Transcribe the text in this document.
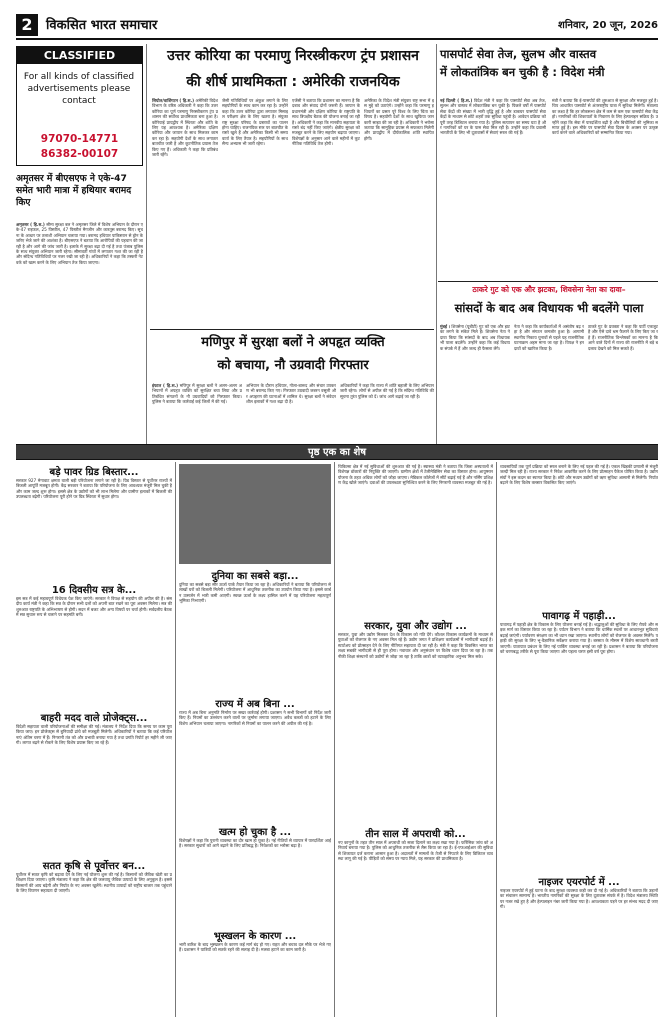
2	विकसित भारत समाचार	शनिवार, 20 जून, 2026
CLASSIFIED
For all kinds of classified advertisements please contact
97070-14771
86382-00107
अमृतसर में बीएसएफ ने एके-47 समेत भारी मात्रा में हथियार बरामद किए
अमृतसर ( हि.स.) सीमा सुरक्षा बल ने अमृतसर जिले में विशेष अभियान के दौरान एके-47 राइफल, 25 पिस्तौल, 47 पिस्तौल मैगजीन और कारतूस बरामद किए। सूचना के आधार पर तलाशी अभियान चलाया गया। बरामद हथियार पाकिस्तान से ड्रोन के जरिए भेजे जाने की आशंका है। बीएसएफ ने बताया कि आरोपियों की पहचान की जा रही है और आगे की जांच जारी है। इलाके में सुरक्षा बढ़ा दी गई है तथा पंजाब पुलिस के साथ संयुक्त अभियान जारी रहेगा। सीमावर्ती गांवों में लगातार गश्त की जा रही है और संदिग्ध गतिविधियों पर नजर रखी जा रही है। अधिकारियों ने कहा कि तस्करी नेटवर्क को खत्म करने के लिए अभियान तेज किया जाएगा।
उत्तर कोरिया का परमाणु निरस्त्रीकरण ट्रंप प्रशासन
की शीर्ष प्राथमिकता : अमेरिकी राजनयिक
सियोल/वाशिंगटन ( हि.स.) अमेरिकी विदेश विभाग के वरिष्ठ अधिकारी ने कहा कि उत्तर कोरिया का पूर्ण परमाणु निरस्त्रीकरण ट्रंप प्रशासन की सर्वोच्च प्राथमिकता बना हुआ है। कोरियाई प्रायद्वीप में स्थिरता और शांति के लिए यह आवश्यक है। अमेरिका दक्षिण कोरिया और जापान के साथ मिलकर काम कर रहा है। सहयोगी देशों के साथ लगातार बातचीत जारी है और कूटनीतिक प्रयास तेज किए गए हैं। अधिकारी ने कहा कि प्रतिबंध जारी रहेंगे।
जैसी गतिविधियों पर अंकुश लगाने के लिए सहयोगियों के साथ काम कर रहा है। उन्होंने कहा कि उत्तर कोरिया द्वारा लगातार मिसाइल परीक्षण क्षेत्र के लिए खतरा है। संयुक्त राष्ट्र सुरक्षा परिषद के प्रस्तावों का पालन होना चाहिए। राजनयिक स्तर पर बातचीत के रास्ते खुले हैं और अमेरिका किसी भी समय वार्ता के लिए तैयार है। सहयोगियों के साथ सैन्य अभ्यास भी जारी रहेगा।
एजेंसी ने बताया कि प्रशासन का मानना है कि दबाव और संवाद दोनों जरूरी हैं। जापान के प्रधानमंत्री और दक्षिण कोरिया के राष्ट्रपति के साथ त्रिपक्षीय बैठक की योजना बनाई जा रही है। अधिकारी ने कहा कि मानवीय सहायता के रास्ते बंद नहीं किए जाएंगे। क्षेत्रीय सुरक्षा को मजबूत करने के लिए सहयोग बढ़ाया जाएगा। विशेषज्ञों के अनुसार आने वाले महीनों में कूटनीतिक गतिविधि तेज होगी।
अमेरिका के विदेश मंत्री संयुक्त राष्ट्र सभा में इस मुद्दे को उठाएंगे। उन्होंने कहा कि परमाणु हथियारों का प्रसार पूरे विश्व के लिए चिंता का विषय है। सहयोगी देशों के साथ खुफिया जानकारी साझा की जा रही है। अधिकारी ने भरोसा जताया कि सामूहिक प्रयास से सफलता मिलेगी और प्रायद्वीप में दीर्घकालिक शांति स्थापित होगी।
पासपोर्ट सेवा तेज, सुलभ और वास्तव
में लोकतांत्रिक बन चुकी है : विदेश मंत्री
नई दिल्ली ( हि.स.) विदेश मंत्री ने कहा कि पासपोर्ट सेवा अब तेज, सुलभ और वास्तव में लोकतांत्रिक बन चुकी है। पिछले वर्षों में पासपोर्ट सेवा केंद्रों की संख्या में भारी वृद्धि हुई है और डाकघर पासपोर्ट सेवा केंद्रों के माध्यम से छोटे शहरों तक सुविधा पहुंची है। आवेदन प्रक्रिया को पूरी तरह डिजिटल बनाया गया है। पुलिस सत्यापन का समय घटा है और नागरिकों को घर के पास सेवा मिल रही है। उन्होंने कहा कि प्रवासी भारतीयों के लिए भी दूतावासों में सेवाएं सरल की गई हैं।
मंत्री ने बताया कि ई-पासपोर्ट की शुरुआत से सुरक्षा और मजबूत हुई है। चिप आधारित पासपोर्ट से अंतरराष्ट्रीय यात्रा में सुविधा मिलेगी। मंत्रालय का लक्ष्य है कि हर लोकसभा क्षेत्र में कम से कम एक पासपोर्ट सेवा केंद्र हो। नागरिकों की शिकायतों के निवारण के लिए हेल्पलाइन सक्रिय है। उन्होंने कहा कि सेवा में पारदर्शिता बढ़ी है और बिचौलियों की भूमिका समाप्त हुई है। इस मौके पर पासपोर्ट सेवा दिवस के अवसर पर उत्कृष्ट कार्य करने वाले अधिकारियों को सम्मानित किया गया।
मणिपुर में सुरक्षा बलों ने अपहृत व्यक्ति
को बचाया, नौ उग्रवादी गिरफ्तार
इंफाल ( हि.स.) मणिपुर में सुरक्षा बलों ने अलग-अलग अभियानों में अपहृत व्यक्ति को सुरक्षित बचा लिया और प्रतिबंधित संगठनों के नौ उग्रवादियों को गिरफ्तार किया। पुलिस ने बताया कि कार्रवाई कई जिलों में की गई।
अभियान के दौरान हथियार, गोला-बारूद और संचार उपकरण भी बरामद किए गए। गिरफ्तार उग्रवादी जबरन वसूली और अपहरण की घटनाओं में शामिल थे। सुरक्षा बलों ने संवेदनशील इलाकों में गश्त बढ़ा दी है।
अधिकारियों ने कहा कि राज्य में शांति बहाली के लिए अभियान जारी रहेगा। लोगों से अपील की गई है कि संदिग्ध गतिविधि की सूचना तुरंत पुलिस को दें। जांच आगे बढ़ाई जा रही है।
ठाकरे गुट को एक और झटका, शिवसेना नेता का दावा–
सांसदों के बाद अब विधायक भी बदलेंगे पाला
मुंबई । शिवसेना (यूबीटी) गुट को एक और झटका लगने के संकेत मिले हैं। शिवसेना नेता ने दावा किया कि सांसदों के बाद अब विधायक भी पाला बदलेंगे। उन्होंने कहा कि कई विधायक संपर्क में हैं और जल्द ही फैसला लेंगे।
नेता ने कहा कि कार्यकर्ताओं में असंतोष बढ़ रहा है और संगठन कमजोर हुआ है। आगामी स्थानीय निकाय चुनावों से पहले यह राजनीतिक घटनाक्रम अहम माना जा रहा है। विपक्ष ने इन दावों को खारिज किया है।
ठाकरे गुट के प्रवक्ता ने कहा कि पार्टी एकजुट है और ऐसे दावे भ्रम फैलाने के लिए किए जा रहे हैं। राजनीतिक विश्लेषकों का मानना है कि आने वाले दिनों में राज्य की राजनीति में बड़े बदलाव देखने को मिल सकते हैं।
पृष्ठ एक का शेष
बड़े पावर ग्रिड बिस्तार...
सरकार 927 मेगावाट क्षमता वाली बड़ी परियोजना लगाने जा रही है। ग्रिड विस्तार से पूर्वोत्तर राज्यों में बिजली आपूर्ति मजबूत होगी। केंद्र सरकार ने बताया कि परियोजना के लिए आवश्यक मंजूरी मिल चुकी है और काम जल्द शुरू होगा। इससे क्षेत्र के उद्योगों को भी लाभ मिलेगा और ग्रामीण इलाकों में बिजली की उपलब्धता बढ़ेगी। परियोजना पूरी होने पर ग्रिड स्थिरता में सुधार होगा।
16 दिवसीय सत्र के...
इस सत्र में कई महत्वपूर्ण विधेयक पेश किए जाएंगे। सरकार ने विपक्ष से सहयोग की अपील की है। संसदीय कार्य मंत्री ने कहा कि सत्र के दौरान सभी दलों को अपनी बात रखने का पूरा अवसर मिलेगा। सत्र की शुरुआत राष्ट्रपति के अभिभाषण से होगी। सदन में बजट और अन्य विषयों पर चर्चा होगी। सर्वदलीय बैठक में सत्र सुचारु रूप से चलाने पर सहमति बनी।
बाहरी मदद वाले प्रोजेक्ट्स...
विदेशी सहायता वाली परियोजनाओं की समीक्षा की गई। मंत्रालय ने निर्देश दिया कि समय पर काम पूरा किया जाए। इन प्रोजेक्ट्स से बुनियादी ढांचे को मजबूती मिलेगी। अधिकारियों ने बताया कि कई परियोजनाएं अंतिम चरण में हैं। निगरानी तंत्र को और प्रभावी बनाया गया है तथा प्रगति रिपोर्ट हर महीने ली जाएगी। लागत बढ़ने से रोकने के लिए विशेष प्रयास किए जा रहे हैं।
सतत कृषि से पूर्वोत्तर बन...
पूर्वोत्तर में सतत कृषि को बढ़ावा देने के लिए नई योजना शुरू की गई है। किसानों को जैविक खेती का प्रशिक्षण दिया जाएगा। कृषि मंत्रालय ने कहा कि क्षेत्र की जलवायु जैविक उत्पादों के लिए अनुकूल है। इससे किसानों की आय बढ़ेगी और निर्यात के नए अवसर खुलेंगे। स्थानीय उत्पादों को राष्ट्रीय बाजार तक पहुंचाने के लिए विपणन सहायता दी जाएगी।
दुनिया का सबसे बड़ा...
दुनिया का सबसे बड़ा सौर ऊर्जा पार्क तैयार किया जा रहा है। अधिकारियों ने बताया कि परियोजना से लाखों घरों को बिजली मिलेगी। परियोजना में आधुनिक तकनीक का उपयोग किया गया है। इससे कार्बन उत्सर्जन में भारी कमी आएगी। स्वच्छ ऊर्जा के लक्ष्य हासिल करने में यह परियोजना महत्वपूर्ण भूमिका निभाएगी।
राज्य में अब बिना ...
राज्य में अब बिना अनुमति निर्माण पर सख्त कार्रवाई होगी। प्रशासन ने सभी विभागों को निर्देश जारी किए हैं। नियमों का उल्लंघन करने वालों पर जुर्माना लगाया जाएगा। अवैध कब्जों को हटाने के लिए विशेष अभियान चलाया जाएगा। नागरिकों से नियमों का पालन करने की अपील की गई है।
खत्म हो चुका है ...
विशेषज्ञों ने कहा कि पुरानी व्यवस्था का दौर खत्म हो चुका है। नई नीतियों से व्यापार में पारदर्शिता आई है। सरकार सुधारों को आगे बढ़ाने के लिए प्रतिबद्ध है। निवेशकों का भरोसा बढ़ा है।
भूस्खलन के कारण ...
भारी बारिश के बाद भूस्खलन के कारण कई मार्ग बंद हो गए। राहत और बचाव दल मौके पर भेजे गए हैं। प्रशासन ने यात्रियों को सतर्क रहने की सलाह दी है। मलबा हटाने का काम जारी है।
चिकित्सा क्षेत्र में नई सुविधाओं की शुरुआत की गई है। स्वास्थ्य मंत्री ने बताया कि जिला अस्पतालों में विशेषज्ञ डॉक्टरों की नियुक्ति की जाएगी। ग्रामीण क्षेत्रों में टेलीमेडिसिन सेवा का विस्तार होगा। आयुष्मान योजना के तहत अधिक लोगों को जोड़ा जाएगा। मेडिकल कॉलेजों में सीटें बढ़ाई गई हैं और नर्सिंग प्रशिक्षण केंद्र खोले जाएंगे। दवाओं की उपलब्धता सुनिश्चित करने के लिए निगरानी व्यवस्था मजबूत की गई है।
सरकार, युवा और उद्योग ...
सरकार, युवा और उद्योग मिलकर देश के विकास को गति देंगे। कौशल विकास कार्यक्रमों के माध्यम से युवाओं को रोजगार के नए अवसर मिल रहे हैं। उद्योग जगत ने प्रशिक्षण कार्यक्रमों में भागीदारी बढ़ाई है। स्टार्टअप को प्रोत्साहन देने के लिए नीतिगत सहायता दी जा रही है। मंत्री ने कहा कि विकसित भारत का लक्ष्य सबकी भागीदारी से ही पूरा होगा। नवाचार और अनुसंधान पर विशेष ध्यान दिया जा रहा है। तकनीकी शिक्षा संस्थानों को उद्योगों से जोड़ा जा रहा है ताकि छात्रों को व्यावहारिक अनुभव मिल सके।
तीन साल में अपराधी को...
नए कानूनों के तहत तीन साल में अपराधी को सजा दिलाने का लक्ष्य रखा गया है। फॉरेंसिक जांच को अनिवार्य बनाया गया है। पुलिस को आधुनिक तकनीक से लैस किया जा रहा है। ई-एफआईआर की सुविधा से शिकायत दर्ज कराना आसान हुआ है। अदालतों में मामलों के तेजी से निपटारे के लिए डिजिटल व्यवस्था लागू की गई है। पीड़ितों को समय पर न्याय मिले, यह सरकार की प्राथमिकता है।
व्यवसायियों तक पूर्ण प्रक्रिया को सरल बनाने के लिए नई पहल की गई है। एकल खिड़की प्रणाली से मंजूरी जल्दी मिल रही है। राज्य सरकार ने निवेश आकर्षित करने के लिए प्रोत्साहन पैकेज घोषित किया है। उद्योग संघों ने इस कदम का स्वागत किया है। छोटे और मध्यम उद्योगों को ऋण सुविधा आसानी से मिलेगी। निर्यात बढ़ाने के लिए विशेष क्लस्टर विकसित किए जाएंगे।
पावागढ़ में पहाड़ी...
पावागढ़ में पहाड़ी क्षेत्र के विकास के लिए योजना बनाई गई है। श्रद्धालुओं की सुविधा के लिए रोपवे और सड़क मार्ग का विस्तार किया जा रहा है। पर्यटन विभाग ने बताया कि धार्मिक स्थलों पर आधारभूत सुविधाएं बढ़ाई जाएंगी। पर्यावरण संरक्षण का भी ध्यान रखा जाएगा। स्थानीय लोगों को रोजगार के अवसर मिलेंगे। पहाड़ी की सुरक्षा के लिए भू-वैज्ञानिक सर्वेक्षण कराया गया है। बरसात के मौसम में विशेष सावधानी बरती जाएगी। यातायात प्रबंधन के लिए नई पार्किंग व्यवस्था बनाई जा रही है। प्रशासन ने बताया कि परियोजना को चरणबद्ध तरीके से पूरा किया जाएगा और पहला चरण इसी वर्ष पूरा होगा।
नाइजर एयरपोर्ट में ...
नाइजर एयरपोर्ट में हुई घटना के बाद सुरक्षा व्यवस्था कड़ी कर दी गई है। अधिकारियों ने बताया कि उड़ानों का संचालन सामान्य है। भारतीय नागरिकों की सुरक्षा के लिए दूतावास संपर्क में है। विदेश मंत्रालय स्थिति पर नजर रखे हुए है और हेल्पलाइन नंबर जारी किया गया है। आवश्यकता पड़ने पर हर संभव मदद दी जाएगी।
